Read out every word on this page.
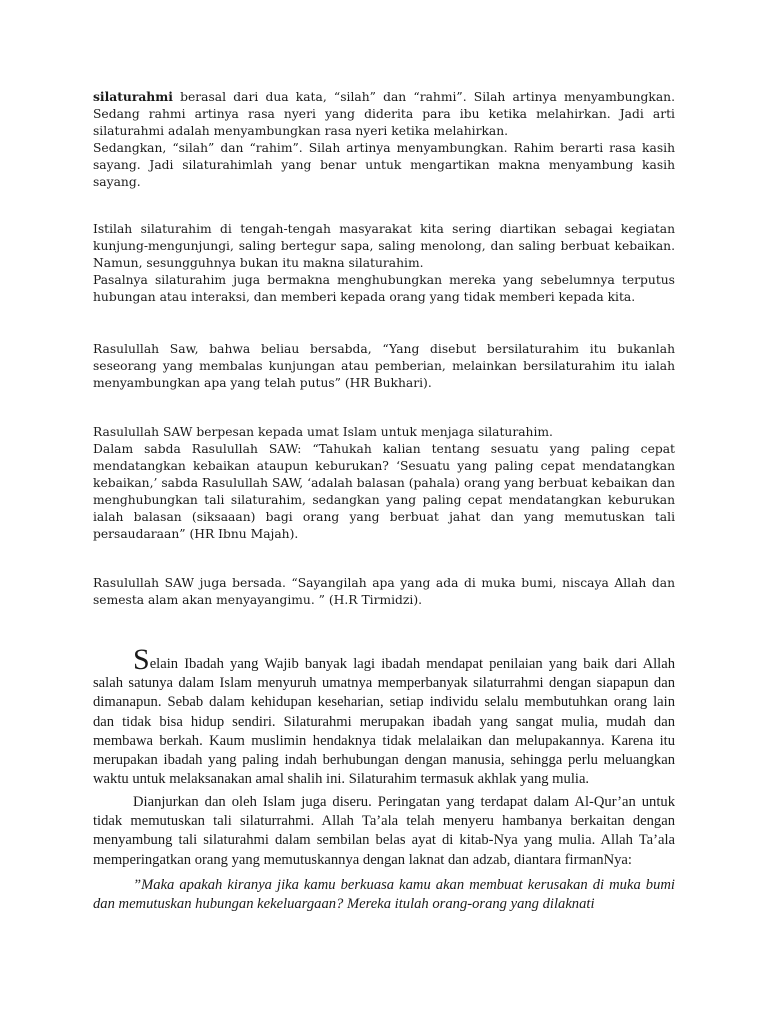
silaturahmi berasal dari dua kata, “silah” dan “rahmi”. Silah artinya menyambungkan. Sedang rahmi artinya rasa nyeri yang diderita para ibu ketika melahirkan. Jadi arti silaturahmi adalah menyambungkan rasa nyeri ketika melahirkan.

Sedangkan, “silah” dan “rahim”. Silah artinya menyambungkan. Rahim berarti rasa kasih sayang. Jadi silaturahimlah yang benar untuk mengartikan makna menyambung kasih sayang.

Istilah silaturahim di tengah-tengah masyarakat kita sering diartikan sebagai kegiatan kunjung-mengunjungi, saling bertegur sapa, saling menolong, dan saling berbuat kebaikan. Namun, sesungguhnya bukan itu makna silaturahim.

Pasalnya silaturahim juga bermakna menghubungkan mereka yang sebelumnya terputus hubungan atau interaksi, dan memberi kepada orang yang tidak memberi kepada kita.

Rasulullah Saw, bahwa beliau bersabda, “Yang disebut bersilaturahim itu bukanlah seseorang yang membalas kunjungan atau pemberian, melainkan bersilaturahim itu ialah menyambungkan apa yang telah putus” (HR Bukhari).

Rasulullah SAW berpesan kepada umat Islam untuk menjaga silaturahim.

Dalam sabda Rasulullah SAW: “Tahukah kalian tentang sesuatu yang paling cepat mendatangkan kebaikan ataupun keburukan? ‘Sesuatu yang paling cepat mendatangkan kebaikan,’ sabda Rasulullah SAW, ‘adalah balasan (pahala) orang yang berbuat kebaikan dan menghubungkan tali silaturahim, sedangkan yang paling cepat mendatangkan keburukan ialah balasan (siksaaan) bagi orang yang berbuat jahat dan yang memutuskan tali persaudaraan” (HR Ibnu Majah).

Rasulullah SAW juga bersada. “Sayangilah apa yang ada di muka bumi, niscaya Allah dan semesta alam akan menyayangimu. ” (H.R Tirmidzi).

Selain Ibadah yang Wajib banyak lagi ibadah mendapat penilaian yang baik dari Allah salah satunya dalam Islam menyuruh umatnya memperbanyak silaturrahmi dengan siapapun dan dimanapun. Sebab dalam kehidupan keseharian, setiap individu selalu membutuhkan orang lain dan tidak bisa hidup sendiri. Silaturahmi merupakan ibadah yang sangat mulia, mudah dan membawa berkah. Kaum muslimin hendaknya tidak melalaikan dan melupakannya. Karena itu merupakan ibadah yang paling indah berhubungan dengan manusia, sehingga perlu meluangkan waktu untuk melaksanakan amal shalih ini. Silaturahim termasuk akhlak yang mulia.

Dianjurkan dan oleh Islam juga diseru. Peringatan yang terdapat dalam Al-Qur’an untuk tidak memutuskan tali silaturrahmi. Allah Ta’ala telah menyeru hambanya berkaitan dengan menyambung tali silaturahmi dalam sembilan belas ayat di kitab-Nya yang mulia. Allah Ta’ala memperingatkan orang yang memutuskannya dengan laknat dan adzab, diantara firmanNya:

”Maka apakah kiranya jika kamu berkuasa kamu akan membuat kerusakan di muka bumi dan memutuskan hubungan kekeluargaan? Mereka itulah orang-orang yang dilaknati
